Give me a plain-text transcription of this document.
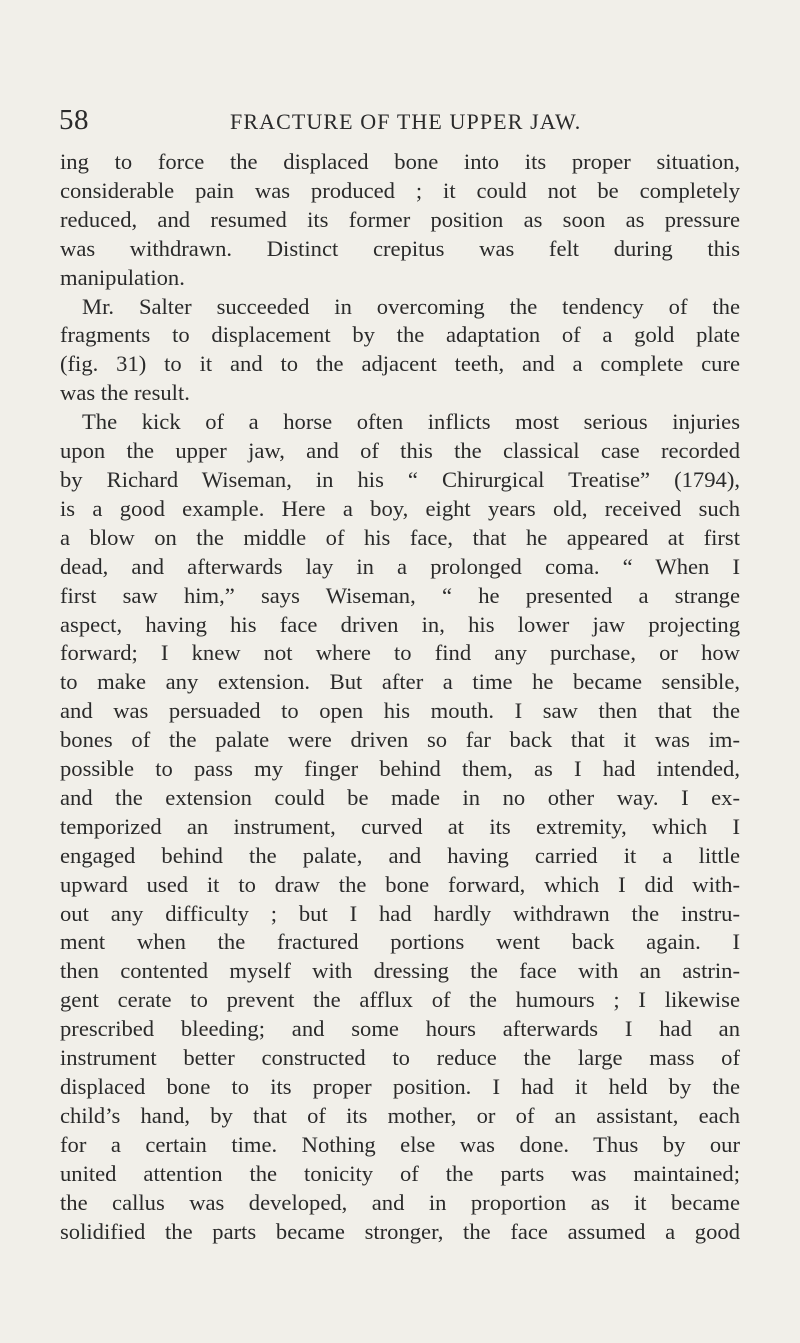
58	FRACTURE OF THE UPPER JAW.
ing to force the displaced bone into its proper situation,
considerable pain was produced ; it could not be completely
reduced, and resumed its former position as soon as pressure
was withdrawn. Distinct crepitus was felt during this
manipulation.
Mr. Salter succeeded in overcoming the tendency of the
fragments to displacement by the adaptation of a gold plate
(fig. 31) to it and to the adjacent teeth, and a complete cure
was the result.
The kick of a horse often inflicts most serious injuries
upon the upper jaw, and of this the classical case recorded
by Richard Wiseman, in his “ Chirurgical Treatise” (1794),
is a good example. Here a boy, eight years old, received such
a blow on the middle of his face, that he appeared at first
dead, and afterwards lay in a prolonged coma. “ When I
first saw him,” says Wiseman, “ he presented a strange
aspect, having his face driven in, his lower jaw projecting
forward; I knew not where to find any purchase, or how
to make any extension. But after a time he became sensible,
and was persuaded to open his mouth. I saw then that the
bones of the palate were driven so far back that it was im-
possible to pass my finger behind them, as I had intended,
and the extension could be made in no other way. I ex-
temporized an instrument, curved at its extremity, which I
engaged behind the palate, and having carried it a little
upward used it to draw the bone forward, which I did with-
out any difficulty ; but I had hardly withdrawn the instru-
ment when the fractured portions went back again. I
then contented myself with dressing the face with an astrin-
gent cerate to prevent the afflux of the humours ; I likewise
prescribed bleeding; and some hours afterwards I had an
instrument better constructed to reduce the large mass of
displaced bone to its proper position. I had it held by the
child’s hand, by that of its mother, or of an assistant, each
for a certain time. Nothing else was done. Thus by our
united attention the tonicity of the parts was maintained;
the callus was developed, and in proportion as it became
solidified the parts became stronger, the face assumed a good
